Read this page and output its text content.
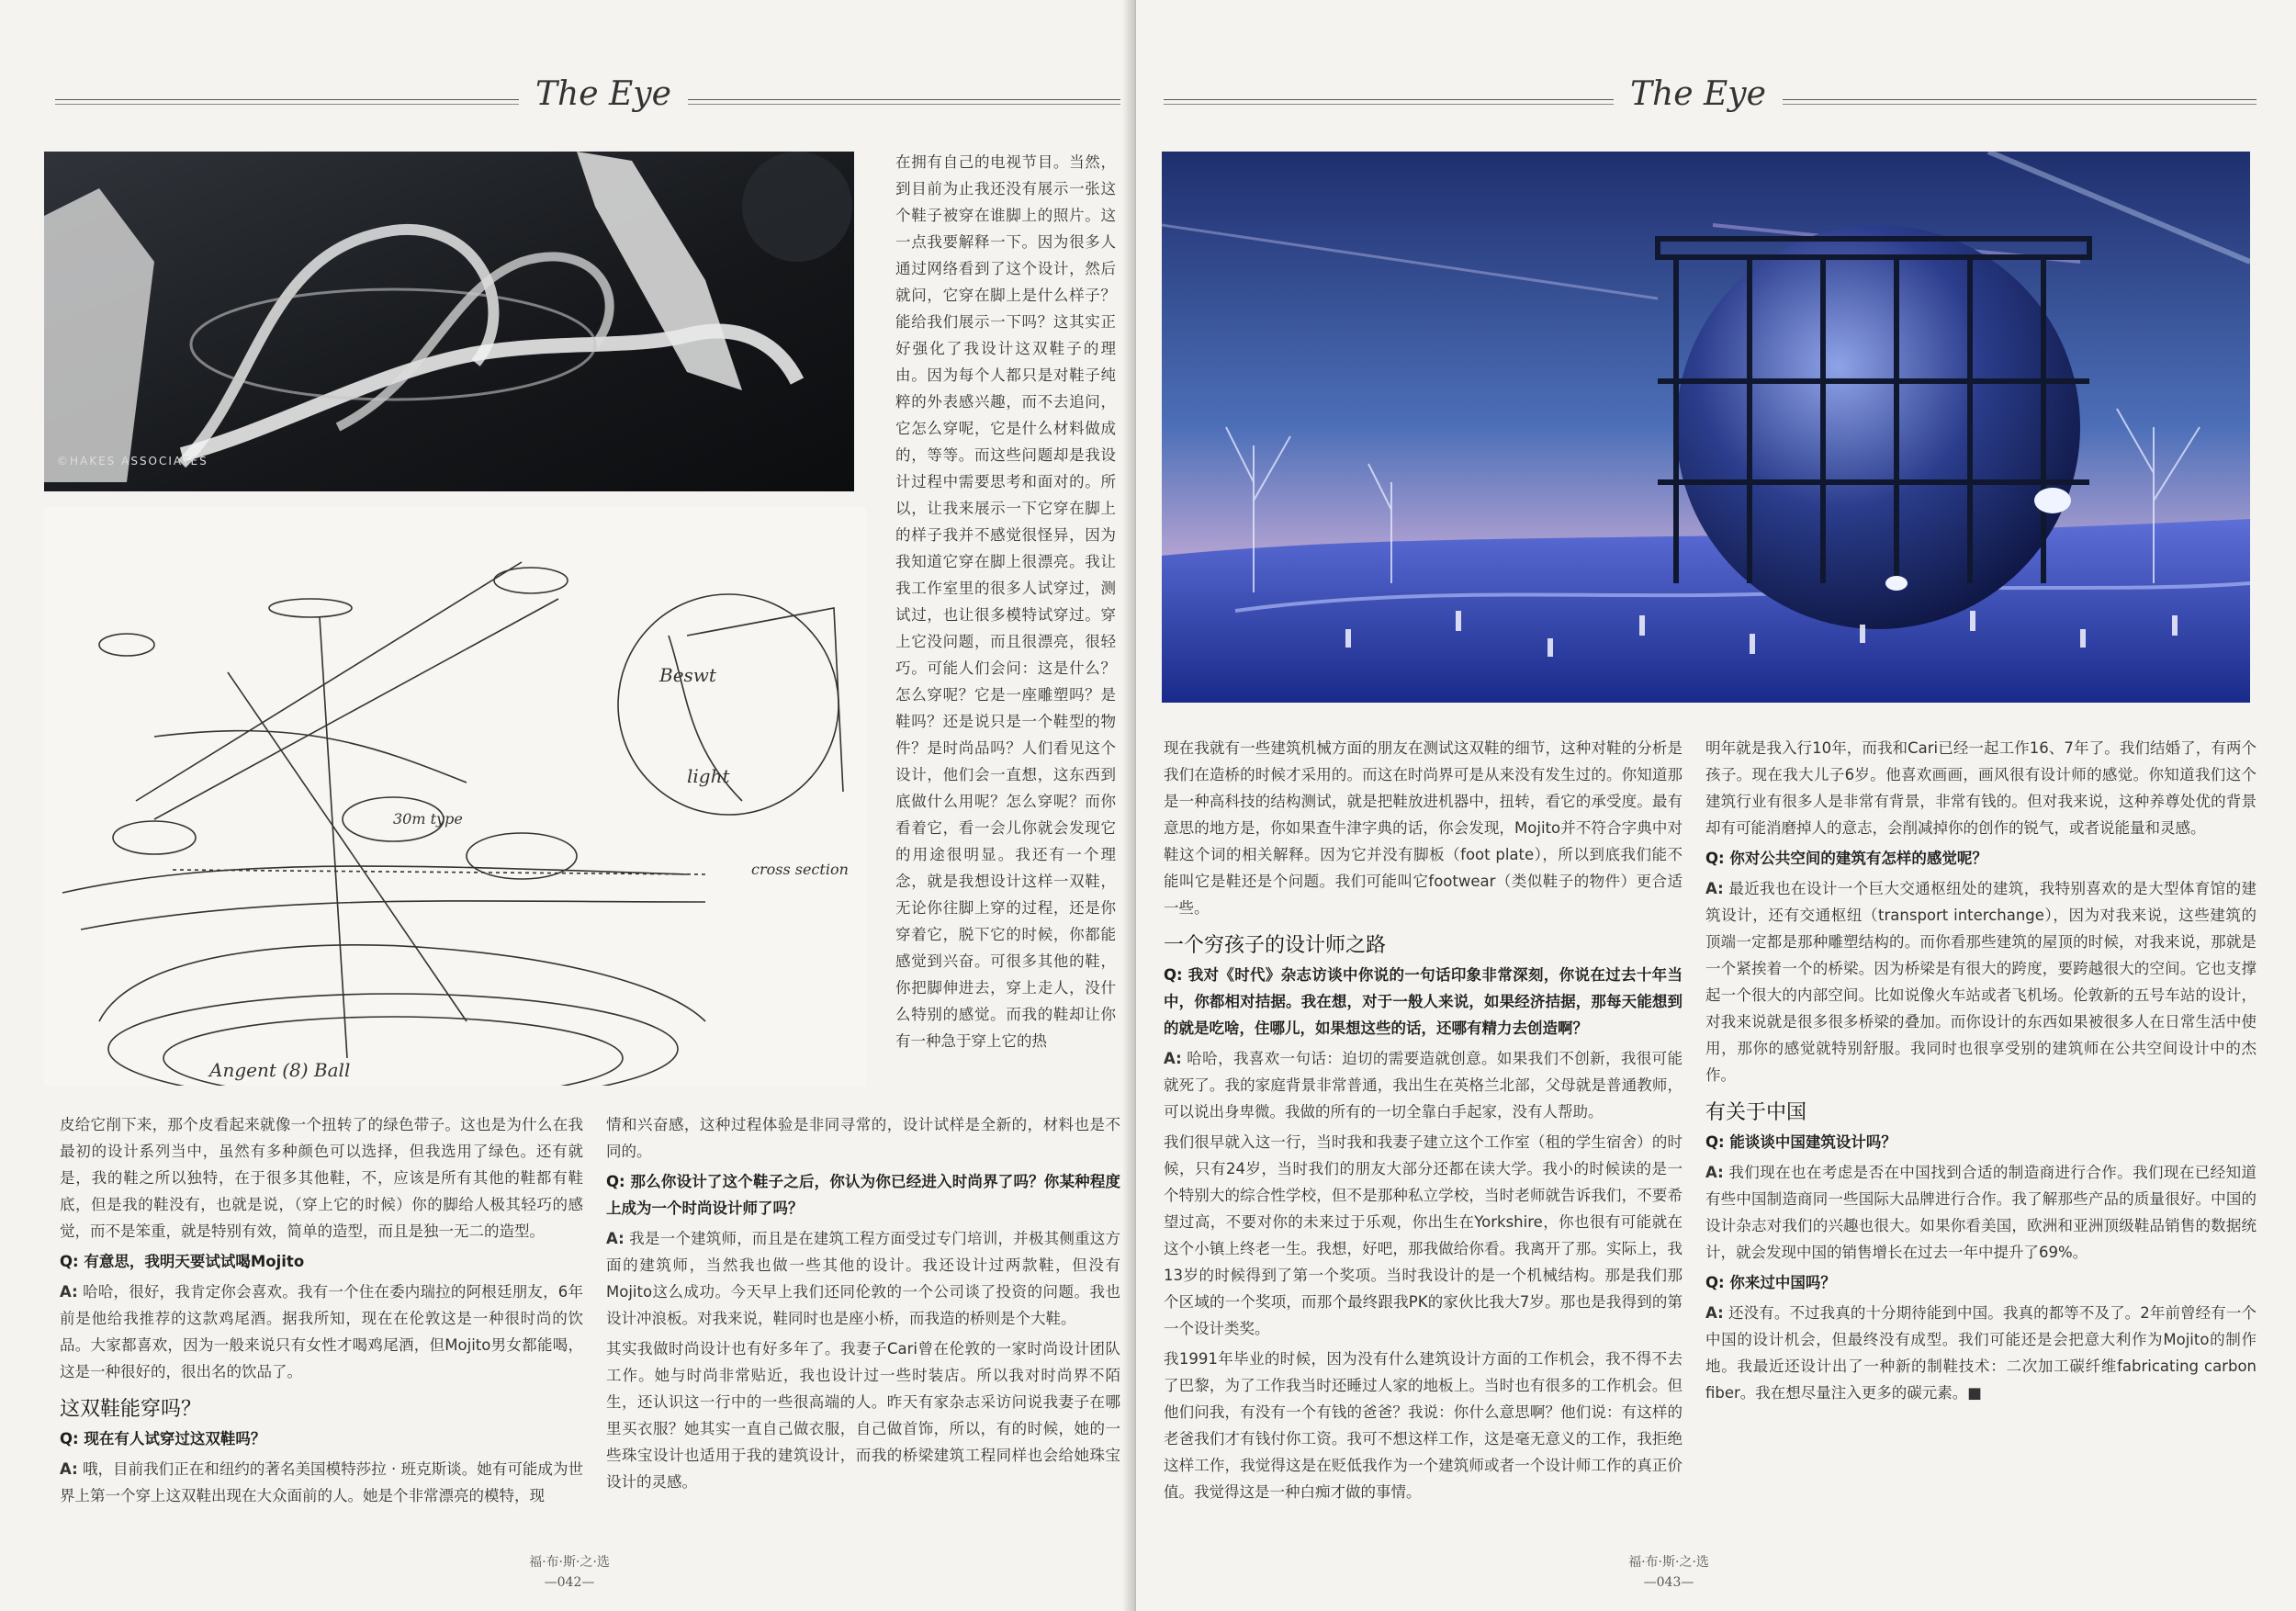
The Eye
©HAKES ASSOCIATES
Angent (8) Ball
Beswt
light
30m type
cross section
在拥有自己的电视节目。当然，到目前为止我还没有展示一张这个鞋子被穿在谁脚上的照片。这一点我要解释一下。因为很多人通过网络看到了这个设计，然后就问，它穿在脚上是什么样子？能给我们展示一下吗？这其实正好强化了我设计这双鞋子的理由。因为每个人都只是对鞋子纯粹的外表感兴趣，而不去追问，它怎么穿呢，它是什么材料做成的，等等。而这些问题却是我设计过程中需要思考和面对的。所以，让我来展示一下它穿在脚上的样子我并不感觉很怪异，因为我知道它穿在脚上很漂亮。我让我工作室里的很多人试穿过，测试过，也让很多模特试穿过。穿上它没问题，而且很漂亮，很轻巧。可能人们会问：这是什么？怎么穿呢？它是一座雕塑吗？是鞋吗？还是说只是一个鞋型的物件？是时尚品吗？人们看见这个设计，他们会一直想，这东西到底做什么用呢？怎么穿呢？而你看着它，看一会儿你就会发现它的用途很明显。我还有一个理念，就是我想设计这样一双鞋，无论你往脚上穿的过程，还是你穿着它，脱下它的时候，你都能感觉到兴奋。可很多其他的鞋，你把脚伸进去，穿上走人，没什么特别的感觉。而我的鞋却让你有一种急于穿上它的热

皮给它削下来，那个皮看起来就像一个扭转了的绿色带子。这也是为什么在我最初的设计系列当中，虽然有多种颜色可以选择，但我选用了绿色。还有就是，我的鞋之所以独特，在于很多其他鞋，不，应该是所有其他的鞋都有鞋底，但是我的鞋没有，也就是说，（穿上它的时候）你的脚给人极其轻巧的感觉，而不是笨重，就是特别有效，简单的造型，而且是独一无二的造型。

Q: 有意思，我明天要试试喝Mojito

A: 哈哈，很好，我肯定你会喜欢。我有一个住在委内瑞拉的阿根廷朋友，6年前是他给我推荐的这款鸡尾酒。据我所知，现在在伦敦这是一种很时尚的饮品。大家都喜欢，因为一般来说只有女性才喝鸡尾酒，但Mojito男女都能喝，这是一种很好的，很出名的饮品了。

这双鞋能穿吗？

Q: 现在有人试穿过这双鞋吗？

A: 哦，目前我们正在和纽约的著名美国模特莎拉 · 班克斯谈。她有可能成为世界上第一个穿上这双鞋出现在大众面前的人。她是个非常漂亮的模特，现

情和兴奋感，这种过程体验是非同寻常的，设计试样是全新的，材料也是不同的。

Q: 那么你设计了这个鞋子之后，你认为你已经进入时尚界了吗？你某种程度上成为一个时尚设计师了吗？

A: 我是一个建筑师，而且是在建筑工程方面受过专门培训，并极其侧重这方面的建筑师，当然我也做一些其他的设计。我还设计过两款鞋，但没有Mojito这么成功。今天早上我们还同伦敦的一个公司谈了投资的问题。我也设计冲浪板。对我来说，鞋同时也是座小桥，而我造的桥则是个大鞋。

其实我做时尚设计也有好多年了。我妻子Cari曾在伦敦的一家时尚设计团队工作。她与时尚非常贴近，我也设计过一些时装店。所以我对时尚界不陌生，还认识这一行中的一些很高端的人。昨天有家杂志采访问说我妻子在哪里买衣服？她其实一直自己做衣服，自己做首饰，所以，有的时候，她的一些珠宝设计也适用于我的建筑设计，而我的桥梁建筑工程同样也会给她珠宝设计的灵感。

福·布·斯·之·选
—042—
The Eye

现在我就有一些建筑机械方面的朋友在测试这双鞋的细节，这种对鞋的分析是我们在造桥的时候才采用的。而这在时尚界可是从来没有发生过的。你知道那是一种高科技的结构测试，就是把鞋放进机器中，扭转，看它的承受度。最有意思的地方是，你如果查牛津字典的话，你会发现，Mojito并不符合字典中对鞋这个词的相关解释。因为它并没有脚板（foot plate），所以到底我们能不能叫它是鞋还是个问题。我们可能叫它footwear（类似鞋子的物件）更合适一些。

一个穷孩子的设计师之路

Q: 我对《时代》杂志访谈中你说的一句话印象非常深刻，你说在过去十年当中，你都相对拮据。我在想，对于一般人来说，如果经济拮据，那每天能想到的就是吃啥，住哪儿，如果想这些的话，还哪有精力去创造啊？

A: 哈哈，我喜欢一句话：迫切的需要造就创意。如果我们不创新，我很可能就死了。我的家庭背景非常普通，我出生在英格兰北部，父母就是普通教师，可以说出身卑微。我做的所有的一切全靠白手起家，没有人帮助。

我们很早就入这一行，当时我和我妻子建立这个工作室（租的学生宿舍）的时候，只有24岁，当时我们的朋友大部分还都在读大学。我小的时候读的是一个特别大的综合性学校，但不是那种私立学校，当时老师就告诉我们，不要希望过高，不要对你的未来过于乐观，你出生在Yorkshire，你也很有可能就在这个小镇上终老一生。我想，好吧，那我做给你看。我离开了那。实际上，我13岁的时候得到了第一个奖项。当时我设计的是一个机械结构。那是我们那个区域的一个奖项，而那个最终跟我PK的家伙比我大7岁。那也是我得到的第一个设计类奖。

我1991年毕业的时候，因为没有什么建筑设计方面的工作机会，我不得不去了巴黎，为了工作我当时还睡过人家的地板上。当时也有很多的工作机会。但他们问我，有没有一个有钱的爸爸？我说：你什么意思啊？他们说：有这样的老爸我们才有钱付你工资。我可不想这样工作，这是毫无意义的工作，我拒绝这样工作，我觉得这是在贬低我作为一个建筑师或者一个设计师工作的真正价值。我觉得这是一种白痴才做的事情。

明年就是我入行10年，而我和Cari已经一起工作16、7年了。我们结婚了，有两个孩子。现在我大儿子6岁。他喜欢画画，画风很有设计师的感觉。你知道我们这个建筑行业有很多人是非常有背景，非常有钱的。但对我来说，这种养尊处优的背景却有可能消磨掉人的意志，会削减掉你的创作的锐气，或者说能量和灵感。

Q: 你对公共空间的建筑有怎样的感觉呢？

A: 最近我也在设计一个巨大交通枢纽处的建筑，我特别喜欢的是大型体育馆的建筑设计，还有交通枢纽（transport interchange），因为对我来说，这些建筑的顶端一定都是那种雕塑结构的。而你看那些建筑的屋顶的时候，对我来说，那就是一个紧挨着一个的桥梁。因为桥梁是有很大的跨度，要跨越很大的空间。它也支撑起一个很大的内部空间。比如说像火车站或者飞机场。伦敦新的五号车站的设计，对我来说就是很多很多桥梁的叠加。而你设计的东西如果被很多人在日常生活中使用，那你的感觉就特别舒服。我同时也很享受别的建筑师在公共空间设计中的杰作。

有关于中国

Q: 能谈谈中国建筑设计吗？

A: 我们现在也在考虑是否在中国找到合适的制造商进行合作。我们现在已经知道有些中国制造商同一些国际大品牌进行合作。我了解那些产品的质量很好。中国的设计杂志对我们的兴趣也很大。如果你看美国，欧洲和亚洲顶级鞋品销售的数据统计，就会发现中国的销售增长在过去一年中提升了69%。

Q: 你来过中国吗？

A: 还没有。不过我真的十分期待能到中国。我真的都等不及了。2年前曾经有一个中国的设计机会，但最终没有成型。我们可能还是会把意大利作为Mojito的制作地。我最近还设计出了一种新的制鞋技术：二次加工碳纤维fabricating carbon fiber。我在想尽量注入更多的碳元素。■

福·布·斯·之·选
—043—
